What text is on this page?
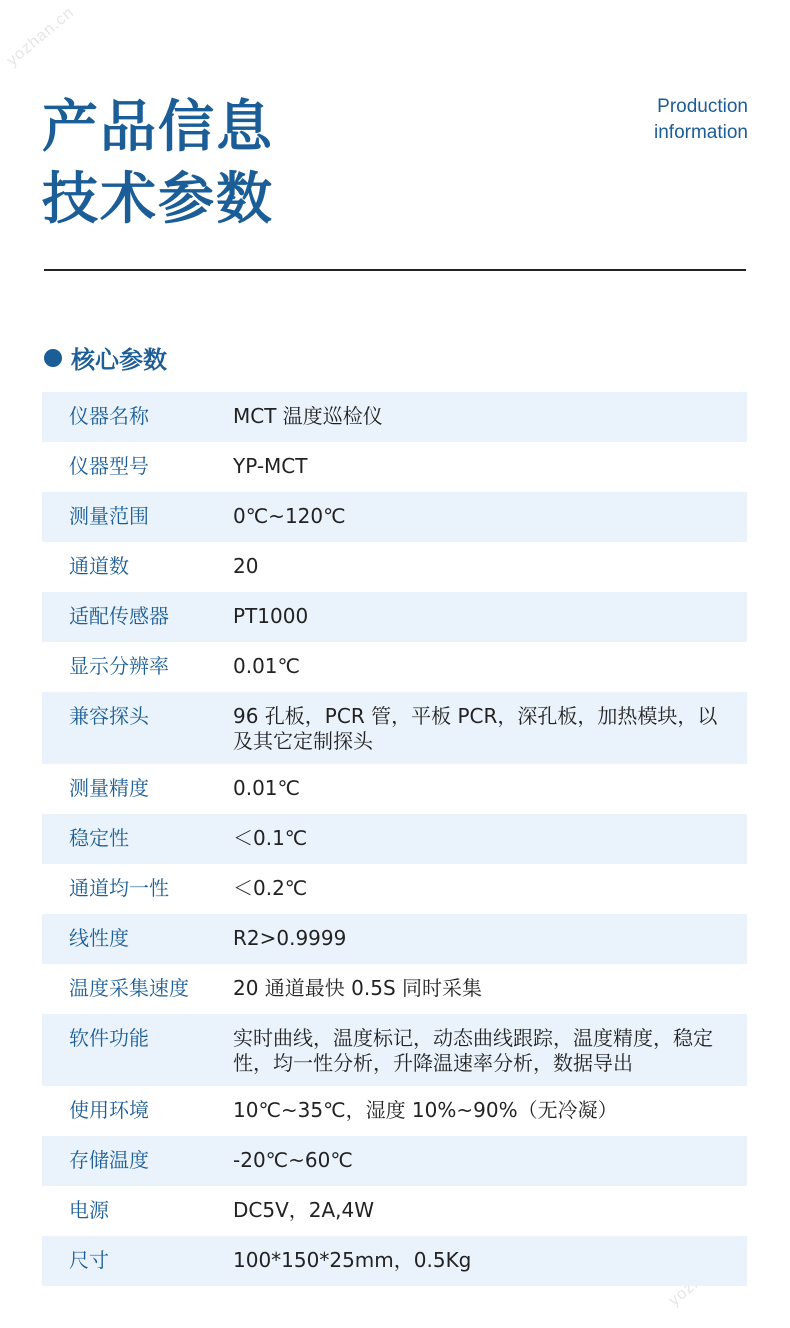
yozhan.cn
产品信息
技术参数
Production
information
核心参数
仪器名称	MCT 温度巡检仪
仪器型号	YP-MCT
测量范围	0℃~120℃
通道数	20
适配传感器	PT1000
显示分辨率	0.01℃
兼容探头	96 孔板，PCR 管，平板 PCR，深孔板，加热模块，以及其它定制探头
测量精度	0.01℃
稳定性	＜0.1℃
通道均一性	＜0.2℃
线性度	R2>0.9999
温度采集速度	20 通道最快 0.5S 同时采集
软件功能	实时曲线，温度标记，动态曲线跟踪，温度精度，稳定性，均一性分析，升降温速率分析，数据导出
使用环境	10℃~35℃，湿度 10%~90%（无冷凝）
存储温度	-20℃~60℃
电源	DC5V，2A,4W
尺寸	100*150*25mm，0.5Kg
